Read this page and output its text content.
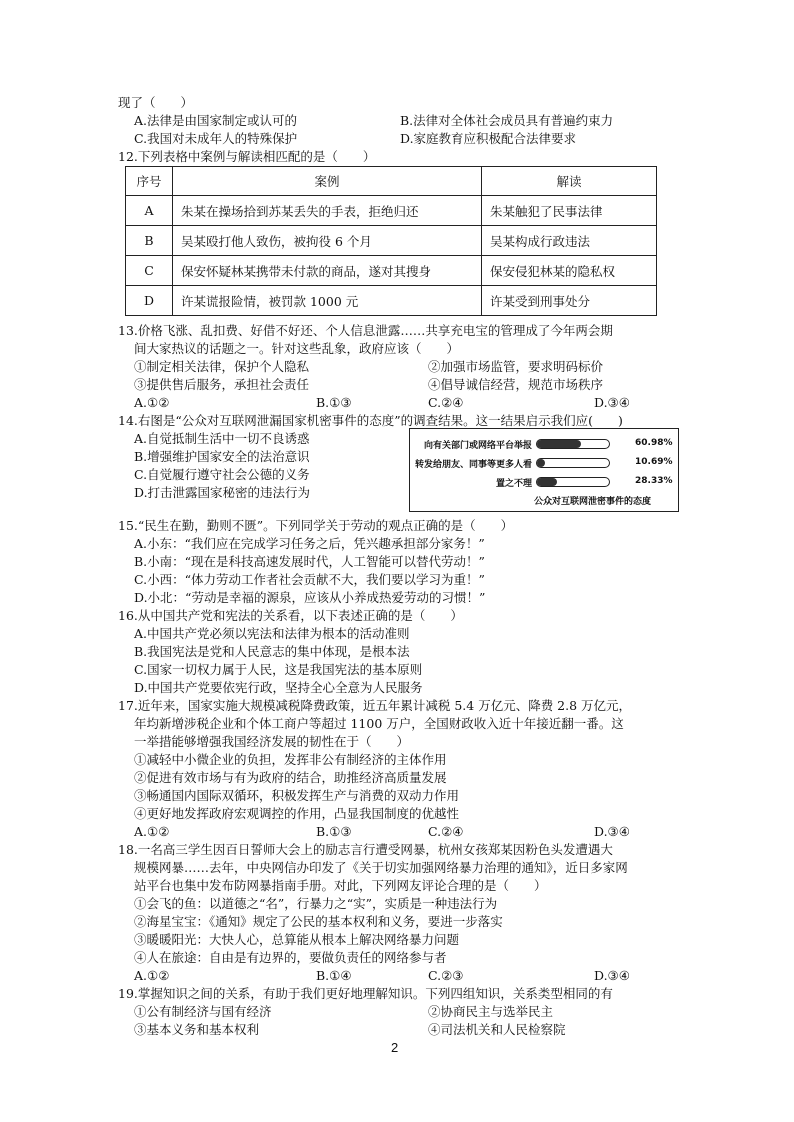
现了（　　）
A.法律是由国家制定或认可的	B.法律对全体社会成员具有普遍约束力
C.我国对未成年人的特殊保护	D.家庭教育应积极配合法律要求
12.下列表格中案例与解读相匹配的是（　　）
序号	案例	解读
A	朱某在操场拾到苏某丢失的手表，拒绝归还	朱某触犯了民事法律
B	吴某殴打他人致伤，被拘役 6 个月	吴某构成行政违法
C	保安怀疑林某携带未付款的商品，遂对其搜身	保安侵犯林某的隐私权
D	许某谎报险情，被罚款 1000 元	许某受到刑事处分
13.价格飞涨、乱扣费、好借不好还、个人信息泄露……共享充电宝的管理成了今年两会期
间大家热议的话题之一。针对这些乱象，政府应该（　　）
①制定相关法律，保护个人隐私	②加强市场监管，要求明码标价
③提供售后服务，承担社会责任	④倡导诚信经营，规范市场秩序
A.①②	B.①③	C.②④	D.③④
14.右图是“公众对互联网泄漏国家机密事件的态度”的调查结果。这一结果启示我们应(　　)
A.自觉抵制生活中一切不良诱惑
B.增强维护国家安全的法治意识
C.自觉履行遵守社会公德的义务
D.打击泄露国家秘密的违法行为
向有关部门或网络平台举报	60.98%
转发给朋友、同事等更多人看	10.69%
置之不理	28.33%
公众对互联网泄密事件的态度
15.“民生在勤，勤则不匮”。下列同学关于劳动的观点正确的是（　　）
A.小东：“我们应在完成学习任务之后，凭兴趣承担部分家务！”
B.小南：“现在是科技高速发展时代，人工智能可以替代劳动！”
C.小西：“体力劳动工作者社会贡献不大，我们要以学习为重！”
D.小北：“劳动是幸福的源泉，应该从小养成热爱劳动的习惯！”
16.从中国共产党和宪法的关系看，以下表述正确的是（　　）
A.中国共产党必须以宪法和法律为根本的活动准则
B.我国宪法是党和人民意志的集中体现，是根本法
C.国家一切权力属于人民，这是我国宪法的基本原则
D.中国共产党要依宪行政，坚持全心全意为人民服务
17.近年来，国家实施大规模减税降费政策，近五年累计减税 5.4 万亿元、降费 2.8 万亿元，
年均新增涉税企业和个体工商户等超过 1100 万户，全国财政收入近十年接近翻一番。这
一举措能够增强我国经济发展的韧性在于（　　）
①减轻中小微企业的负担，发挥非公有制经济的主体作用
②促进有效市场与有为政府的结合，助推经济高质量发展
③畅通国内国际双循环，积极发挥生产与消费的双动力作用
④更好地发挥政府宏观调控的作用，凸显我国制度的优越性
A.①②	B.①③	C.②④	D.③④
18.一名高三学生因百日誓师大会上的励志言行遭受网暴，杭州女孩郑某因粉色头发遭遇大
规模网暴……去年，中央网信办印发了《关于切实加强网络暴力治理的通知》，近日多家网
站平台也集中发布防网暴指南手册。对此，下列网友评论合理的是（　　）
①会飞的鱼：以道德之“名”，行暴力之“实”，实质是一种违法行为
②海星宝宝：《通知》规定了公民的基本权利和义务，要进一步落实
③暖暖阳光：大快人心，总算能从根本上解决网络暴力问题
④人在旅途：自由是有边界的，要做负责任的网络参与者
A.①②	B.①④	C.②③	D.③④
19.掌握知识之间的关系，有助于我们更好地理解知识。下列四组知识，关系类型相同的有
①公有制经济与国有经济	②协商民主与选举民主
③基本义务和基本权利	④司法机关和人民检察院
2
